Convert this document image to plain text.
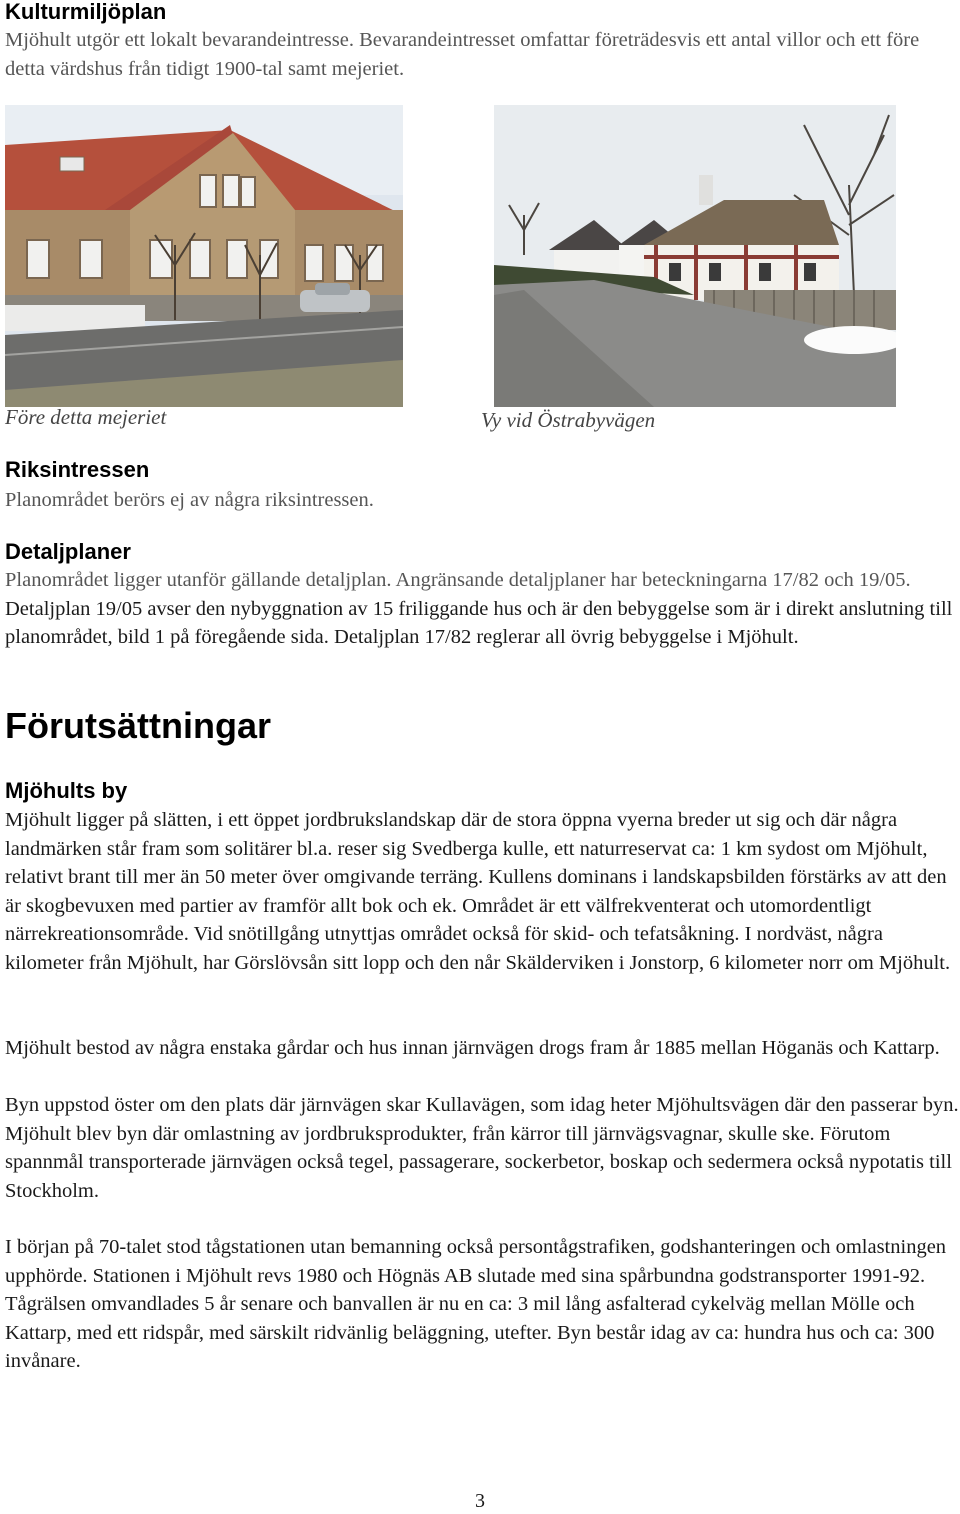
Kulturmiljöplan

Mjöhult utgör ett lokalt bevarandeintresse. Bevarandeintresset omfattar företrädesvis ett antal villor och ett före detta värdshus från tidigt 1900-tal samt mejeriet.

Före detta mejeriet	Vy vid Östrabyvägen
Riksintressen

Planområdet berörs ej av några riksintressen.

Detaljplaner

Planområdet ligger utanför gällande detaljplan. Angränsande detaljplaner har beteckningarna 17/82 och 19/05. Detaljplan 19/05 avser den nybyggnation av 15 friliggande hus och är den bebyggelse som är i direkt anslutning till planområdet, bild 1 på föregående sida. Detaljplan 17/82 reglerar all övrig bebyggelse i Mjöhult.

Förutsättningar
Mjöhults by

Mjöhult ligger på slätten, i ett öppet jordbrukslandskap där de stora öppna vyerna breder ut sig och där några landmärken står fram som solitärer bl.a. reser sig Svedberga kulle, ett naturreservat ca: 1 km sydost om Mjöhult, relativt brant till mer än 50 meter över omgivande terräng. Kullens dominans i landskapsbilden förstärks av att den är skogbevuxen med partier av framför allt bok och ek. Området är ett välfrekventerat och utomordentligt närrekreationsområde. Vid snötillgång utnyttjas området också för skid- och tefatsåkning. I nordväst, några kilometer från Mjöhult, har Görslövsån sitt lopp och den når Skälderviken i Jonstorp, 6 kilometer norr om Mjöhult.

Mjöhult bestod av några enstaka gårdar och hus innan järnvägen drogs fram år 1885 mellan Höganäs och Kattarp.

Byn uppstod öster om den plats där järnvägen skar Kullavägen, som idag heter Mjöhultsvägen där den passerar byn. Mjöhult blev byn där omlastning av jordbruksprodukter, från kärror till järnvägsvagnar, skulle ske. Förutom spannmål transporterade järnvägen också tegel, passagerare, sockerbetor, boskap och sedermera också nypotatis till Stockholm.

I början på 70-talet stod tågstationen utan bemanning också persontågstrafiken, godshanteringen och omlastningen upphörde. Stationen i Mjöhult revs 1980 och Högnäs AB slutade med sina spårbundna godstransporter 1991-92. Tågrälsen omvandlades 5 år senare och banvallen är nu en ca: 3 mil lång asfalterad cykelväg mellan Mölle och Kattarp, med ett ridspår, med särskilt ridvänlig beläggning, utefter. Byn består idag av ca: hundra hus och ca: 300 invånare.

3
